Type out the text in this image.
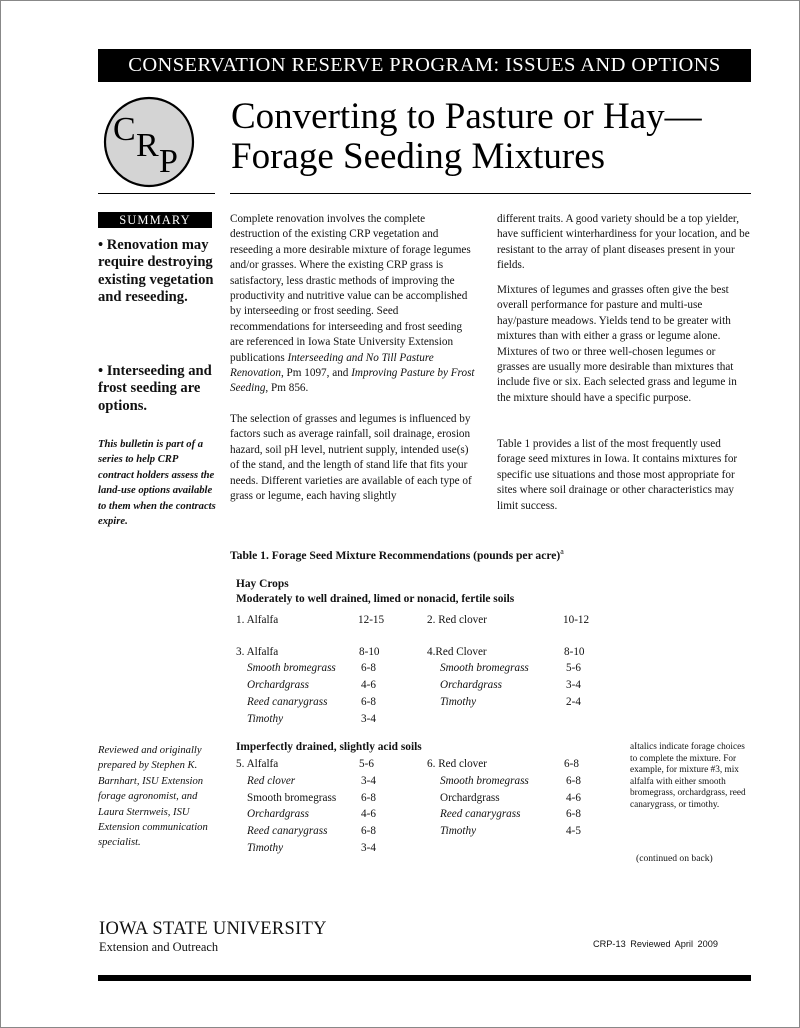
CONSERVATION RESERVE PROGRAM: ISSUES AND OPTIONS
C R P
Converting to Pasture or Hay—
Forage Seeding Mixtures
SUMMARY
• Renovation may require destroying existing vegetation and reseeding.
• Interseeding and frost seeding are options.
This bulletin is part of a series to help CRP contract holders assess the land-use options available to them when the contracts expire.
Reviewed and originally prepared by Stephen K. Barnhart, ISU Extension forage agronomist, and Laura Sternweis, ISU Extension communication specialist.
Complete renovation involves the complete destruction of the existing CRP vegetation and reseeding a more desirable mixture of forage legumes and/or grasses. Where the existing CRP grass is satisfactory, less drastic methods of improving the productivity and nutritive value can be accomplished by interseeding or frost seeding. Seed recommendations for interseeding and frost seeding are referenced in Iowa State University Extension publications Interseeding and No Till Pasture Renovation, Pm 1097, and Improving Pasture by Frost Seeding, Pm 856.
The selection of grasses and legumes is influenced by factors such as average rainfall, soil drainage, erosion hazard, soil pH level, nutrient supply, intended use(s) of the stand, and the length of stand life that fits your needs. Different varieties are available of each type of grass or legume, each having slightly
different traits. A good variety should be a top yielder, have sufficient winterhardiness for your location, and be resistant to the array of plant diseases present in your fields.
Mixtures of legumes and grasses often give the best overall performance for pasture and multi-use hay/pasture meadows. Yields tend to be greater with mixtures than with either a grass or legume alone. Mixtures of two or three well-chosen legumes or grasses are usually more desirable than mixtures that include five or six. Each selected grass and legume in the mixture should have a specific purpose.
Table 1 provides a list of the most frequently used forage seed mixtures in Iowa. It contains mixtures for specific use situations and those most appropriate for sites where soil drainage or other characteristics may limit success.
Table 1. Forage Seed Mixture Recommendations (pounds per acre)$^a$
Hay Crops
Moderately to well drained, limed or nonacid, fertile soils
Imperfectly drained, slightly acid soils
1. Alfalfa	12-15	2. Red clover	10-12
3. Alfalfa	8-10
Smooth bromegrass 6-8
Orchardgrass	4-6
Reed canarygrass	6-8
Timothy	3-4
4.Red Clover	8-10
Smooth bromegrass	5-6
Orchardgrass	3-4
Timothy	2-4
5. Alfalfa	5-6
Red clover	3-4
Smooth bromegrass 6-8
Orchardgrass	4-6
Reed canarygrass	6-8
Timothy	3-4
6. Red clover	6-8
Smooth bromegrass	6-8
Orchardgrass	4-6
Reed canarygrass	6-8
Timothy	4-5
aItalics indicate forage choices to complete the mixture. For example, for mixture #3, mix alfalfa with either smooth bromegrass, orchardgrass, reed canarygrass, or timothy.
(continued on back)
IOWA STATE UNIVERSITY
Extension and Outreach	CRP-13 Reviewed April 2009
